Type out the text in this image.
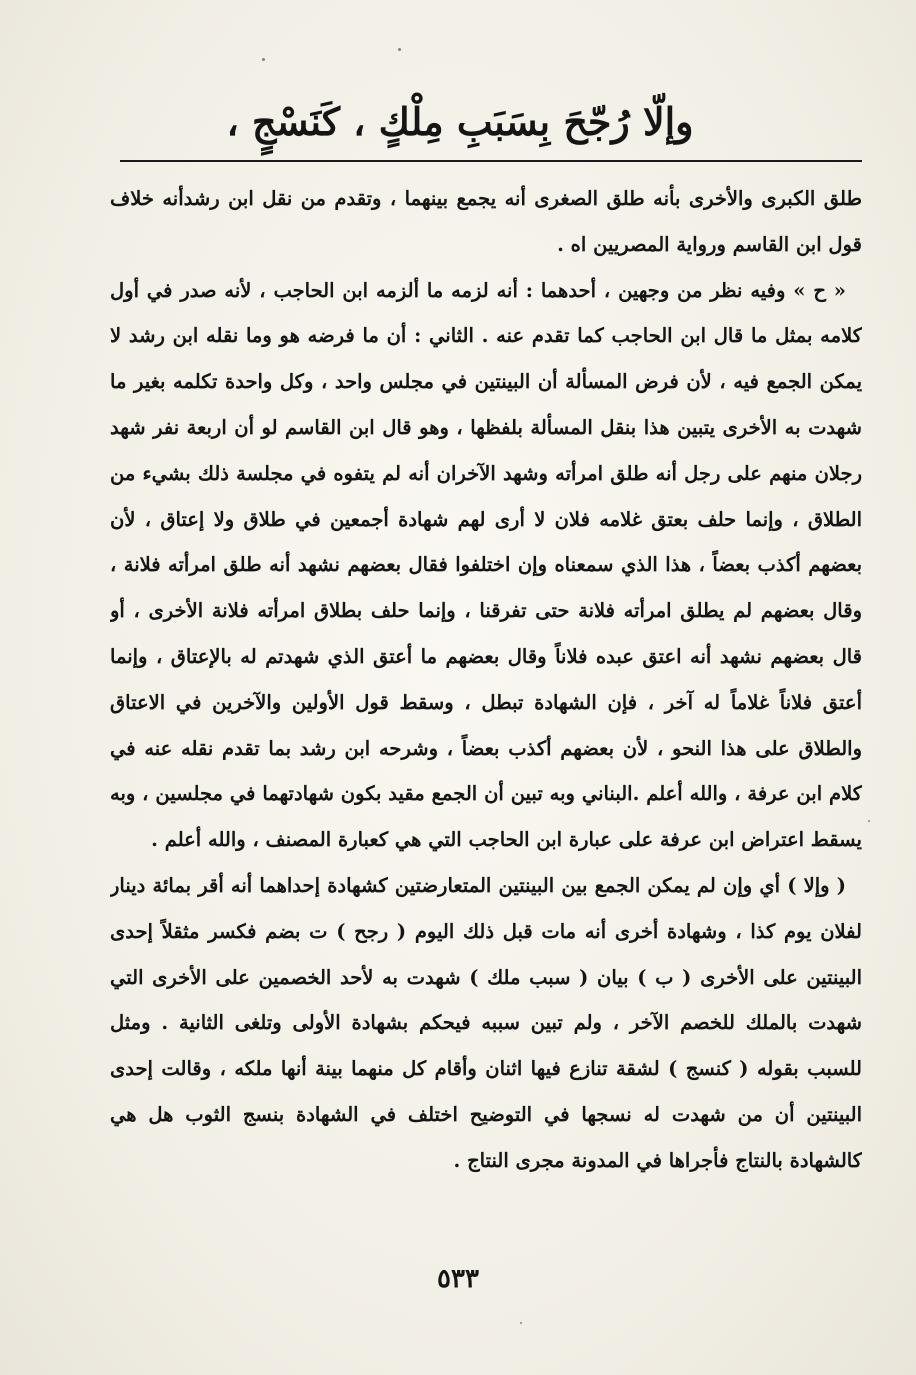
وإلّا رُجّحَ بِسَبَبِ مِلْكٍ ، كَنَسْجٍ ،

طلق الكبرى والأخرى بأنه طلق الصغرى أنه يجمع بينهما ، وتقدم من نقل ابن رشدأنه خلاف قول ابن القاسم ورواية المصريين اه .

« ح » وفيه نظر من وجهين ، أحدهما : أنه لزمه ما ألزمه ابن الحاجب ، لأنه صدر في أول كلامه بمثل ما قال ابن الحاجب كما تقدم عنه . الثاني : أن ما فرضه هو وما نقله ابن رشد لا يمكن الجمع فيه ، لأن فرض المسألة أن البينتين في مجلس واحد ، وكل واحدة تكلمه بغير ما شهدت به الأخرى يتبين هذا بنقل المسألة بلفظها ، وهو قال ابن القاسم لو أن اربعة نفر شهد رجلان منهم على رجل أنه طلق امرأته وشهد الآخران أنه لم يتفوه في مجلسة ذلك بشيء من الطلاق ، وإنما حلف بعتق غلامه فلان لا أرى لهم شهادة أجمعين في طلاق ولا إعتاق ، لأن بعضهم أكذب بعضاً ، هذا الذي سمعناه وإن اختلفوا فقال بعضهم نشهد أنه طلق امرأته فلانة ، وقال بعضهم لم يطلق امرأته فلانة حتى تفرقنا ، وإنما حلف بطلاق امرأته فلانة الأخرى ، أو قال بعضهم نشهد أنه اعتق عبده فلاناً وقال بعضهم ما أعتق الذي شهدتم له بالإعتاق ، وإنما أعتق فلاناً غلاماً له آخر ، فإن الشهادة تبطل ، وسقط قول الأولين والآخرين في الاعتاق والطلاق على هذا النحو ، لأن بعضهم أكذب بعضاً ، وشرحه ابن رشد بما تقدم نقله عنه في كلام ابن عرفة ، والله أعلم .البناني وبه تبين أن الجمع مقيد بكون شهادتهما في مجلسين ، وبه يسقط اعتراض ابن عرفة على عبارة ابن الحاجب التي هي كعبارة المصنف ، والله أعلم .

( وإلا ) أي وإن لم يمكن الجمع بين البينتين المتعارضتين كشهادة إحداهما أنه أقر بمائة دينار لفلان يوم كذا ، وشهادة أخرى أنه مات قبل ذلك اليوم ( رجح ) ت بضم فكسر مثقلاً إحدى البينتين على الأخرى ( ب ) بيان ( سبب ملك ) شهدت به لأحد الخصمين على الأخرى التي شهدت بالملك للخصم الآخر ، ولم تبين سببه فيحكم بشهادة الأولى وتلغى الثانية . ومثل للسبب بقوله ( كنسج ) لشقة تنازع فيها اثنان وأقام كل منهما بينة أنها ملكه ، وقالت إحدى البينتين أن من شهدت له نسجها في التوضيح اختلف في الشهادة بنسج الثوب هل هي كالشهادة بالنتاج فأجراها في المدونة مجرى النتاج .

٥٣٣
